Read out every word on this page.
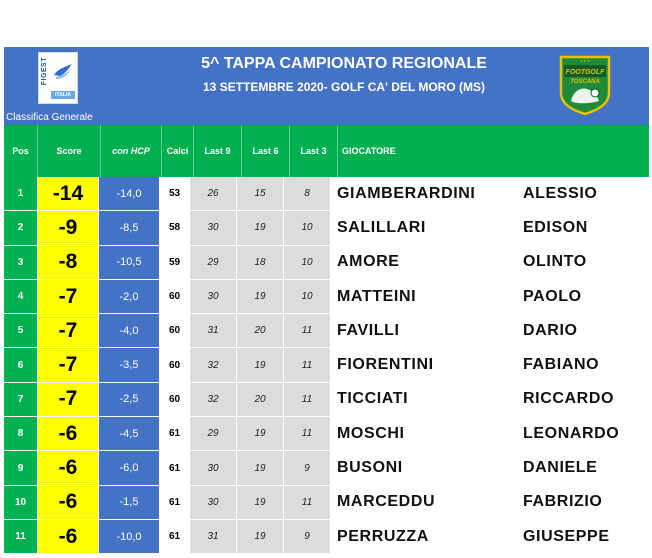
FIGEST
ITALIA
5^ TAPPA CAMPIONATO REGIONALE
13 SETTEMBRE 2020- GOLF CA' DEL MORO (MS)
Classifica Generale
FOOTGOLF
TOSCANA
★ ★ ★
Pos	Score	con HCP	Calci	Last 9	Last 6	Last 3	GIOCATORE
1	-14	-14,0	53	26	15	8	GIAMBERARDINI	ALESSIO
2	-9	-8,5	58	30	19	10	SALILLARI	EDISON
3	-8	-10,5	59	29	18	10	AMORE	OLINTO
4	-7	-2,0	60	30	19	10	MATTEINI	PAOLO
5	-7	-4,0	60	31	20	11	FAVILLI	DARIO
6	-7	-3,5	60	32	19	11	FIORENTINI	FABIANO
7	-7	-2,5	60	32	20	11	TICCIATI	RICCARDO
8	-6	-4,5	61	29	19	11	MOSCHI	LEONARDO
9	-6	-6,0	61	30	19	9	BUSONI	DANIELE
10	-6	-1,5	61	30	19	11	MARCEDDU	FABRIZIO
11	-6	-10,0	61	31	19	9	PERRUZZA	GIUSEPPE
